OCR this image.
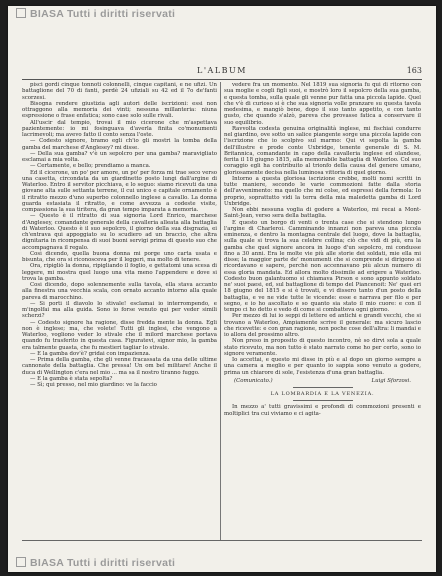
BIASA Tutti i diritti riservati
L'ALBUM	163

pisci gordi cinque tonnoti colonnelli, cinque capitani, e ne ufizi. Un battaglione del 70 di fanti, perdè 24 ufiziali su 42 ed il 7o de'fanti scorzesi.

Bisogna rendere giustizia agli autori delle iscrizioni: essi non ottraggono alla memoria dei vinti; nessuna millanteria: niuna espressione o frase enfatica; sono case solo sulle rivali.

All'uscir dal tempio, trovai il mio cicerone che m'aspettava pazientemente: io mi fosinguava d'averla finita co'monumenti lacrimevoli; ma avevo fatto il conto senza l'oste.

— Codesto signore, bramo egli ch'io gli mostri la tomba della gamba del marchese d'Anglesey? mi disse.

— Della sua gamba? v'è un sepolcro per una gamba? maravigliato esclamai a mia volta.

— Certamente, e bello; prendiamo a manca.

Ed il cicerone, un po' per amore, un po' per forza mi trae seco verso una casetta, circondata da un giardinetto posto lungi dall'argine di Waterloo. Entro il servitor picchiava, e lo seguo: siamo ricevuti da una giovane alta sulle settanta terrene, il cui unico e capitale ornamento è il ritratto mezzo d'uno superbo colonnello inglese a cavallo. La donna guarda estasiata il ritratto, e come avvezza a codeste visite, compassiona la sua tiritera, da gran tempo imparata a memoria.

— Questo è il ritratto di sua signoria Lord Enrico, marchese d'Anglesey, comandante generale della cavalleria alleata alla battaglia di Waterloo. Questo è il suo sepolcro, il giorno della sua disgrazia, ei ch'entrava qui appoggiato su lo scudiero ad un braccio, che altra dignitaria in ricompensa di suoi buoni servigi prima di questo suo che accompagnava il regalo.

Così dicendo, quella buona donna mi porge uno carta usata e bisunta, che ora si riconosceva per il leggeri, ma molto di tenere.

Ora, ripigliò la donna, ripigliando il foglio, e gettatomi una scesa di leggere, mi mostra quel luogo una vita meno l'appendere e dove si trova la gamba.

Cosi dicendo, dopo solennemente sulla tavola, ella stava accanto alla finestra una vecchia scala, con ornato accanto intorno alla quale pareva di marocchino.

— Si porti il diavolo lo stivale! esclamai io interrompendo, e m'ingolfai ma alla guida. Sono io forse venuto qui per veder simili scherzi?

— Codesto signore ha ragione, disse fredda mente la donna. Egli non è inglese; ma, che volete! Tutti gli inglesi, che vengono a Waterloo, vogliono veder lo stivale che il milord marchese portava quando fu trasferito in questa casa. Figuratevi, signor mio, la gamba era talmente guasta, che fu mestieri tagliar lo stivale.

— E la gamba dov'è? gridai con impazienza.

— Prima della gamba, che gli venne fracassata da una delle ultime cannonate della battaglia. Che pressa! Un om bel militare! Anche il duca di Wellington c'era nel mio ... ma sa il nostro tiranno fuggo.

— E la gamba è stata sepolta?

— Sì; qui presso, nel mio giardino: ve la faccio

vedere fra un momento. Nel 1819 sua signoria fu qui di ritorno con sua moglie e cogli figli suoi, e mostrò loro il sepolcro della sua gamba, e questa tomba, sulla quale gli venne pur fatta una piccola lapide. Quel che v'è di curioso si è che sua signoria volle pranzare su questa tavola medesima, e mangiò bene, dopo il suo tanto appetito, e con tanto gusto, che quando s'alzò, pareva che provasse fatica a conservare il suo equilibrio.

Ravvolta codesta genuina originalità inglese, mi fischiai condurre nel giardino, ove sotto un salice piangente sorge una piccola lapide con l'iscrizione che io scolpivo sul marmo: Qui vi sepolta la gamba dell'illustre e prode conte Uxbridge, tenente generale di S. M. Britannica, comandante in capo della cavalleria inglese ed olandese, ferita il 18 giugno 1815, alla memorabile battaglia di Waterloo. Col suo coraggio egli ha contribuito al trionfo della causa del genere umano, gloriosamente decisa nella luminosa vittoria di quel giorno.

Intorno a questa gloriosa iscrizione crebbe, molti nomi scritti in tutte maniere, secondo le varie commozioni fatte dalla storia dell'avvenimento: ma quello che mi colse, ed espressi della formola: Io proprio, soprattutto vidi la terra della mia maledetta gamba di Lord Uxbridge.

Non ebbi nessuna voglia di godere a Waterloo, mi recai a Mont-Saint-Jean, verso sera della battaglia.

E questo un borgo di venti o trenta case che si stendono lungo l'argine di Charleroi. Camminando innanzi non pareva una piccola eminenza, e dentro la montagna centrale del luogo, dove la battaglia, sulla quale si trova la sua celebre collina; ciò che vidi di più, era la gamba che quel signore ancora in luogo d'un sepolcro, mi condusse fino a 30 anni. Era le molte vie più alle storie dei soldati, mie ella mi disse; la maggior parte de' monumenti che si comprende si dirigono si ricordavano e sapere, perchè non accennavano più alcun numero di essa gloria mandata. Ed allora molto dissimile ad erigere a Waterloo. Codesto buon galantuomo si chiamava Pirson e sono appunto soldato ne' suoi paesi, ed, sul battaglione di tempo del Piancenoit: Ne' quei eri 18 giugno del 1815 e si è trovati, e vi dissero tanto d'un posto della battaglia, e ve ne vide tutte le vicende: esse e narrava per filo e per segno, e io ho ascoltato e so quanto sia stato il mio cuore: e con il tempo ci ho detto e vedo di come si combatteva ogni giorno.

Per mezzo di lui io seppi di lettere ed antichi e grandi vecchi, che si trovano a Waterloo, Ampiamente scrive il generale: ma sicuro lascio che ricevette: e con gran ragione, non poche cose dell'altra: li mandai e io allora del prossimo altro.

Non preso in proposito di questo incontro, nè so dirvi sola a quale stato ricevuto, ma non tutto è stato narrato come ho per certo, sono io signore veramente.

Io accettai, e questo mi disse in più e al dopo un giorno sempre a una camera a meglio e per quanto io sappia sono venuto a godere, prima un chiarore di sole, l'esistenza d'una gran battaglia.

(Comunicato.)	Luigi Sforzosi.
LA LOMBARDIA E LA VENEZIA.

In mezzo a' tutti gravissimi e profondi di commozioni presenti e moltiplici tra cui viviamo e ci agita-

BIASA Tutti i diritti riservati
